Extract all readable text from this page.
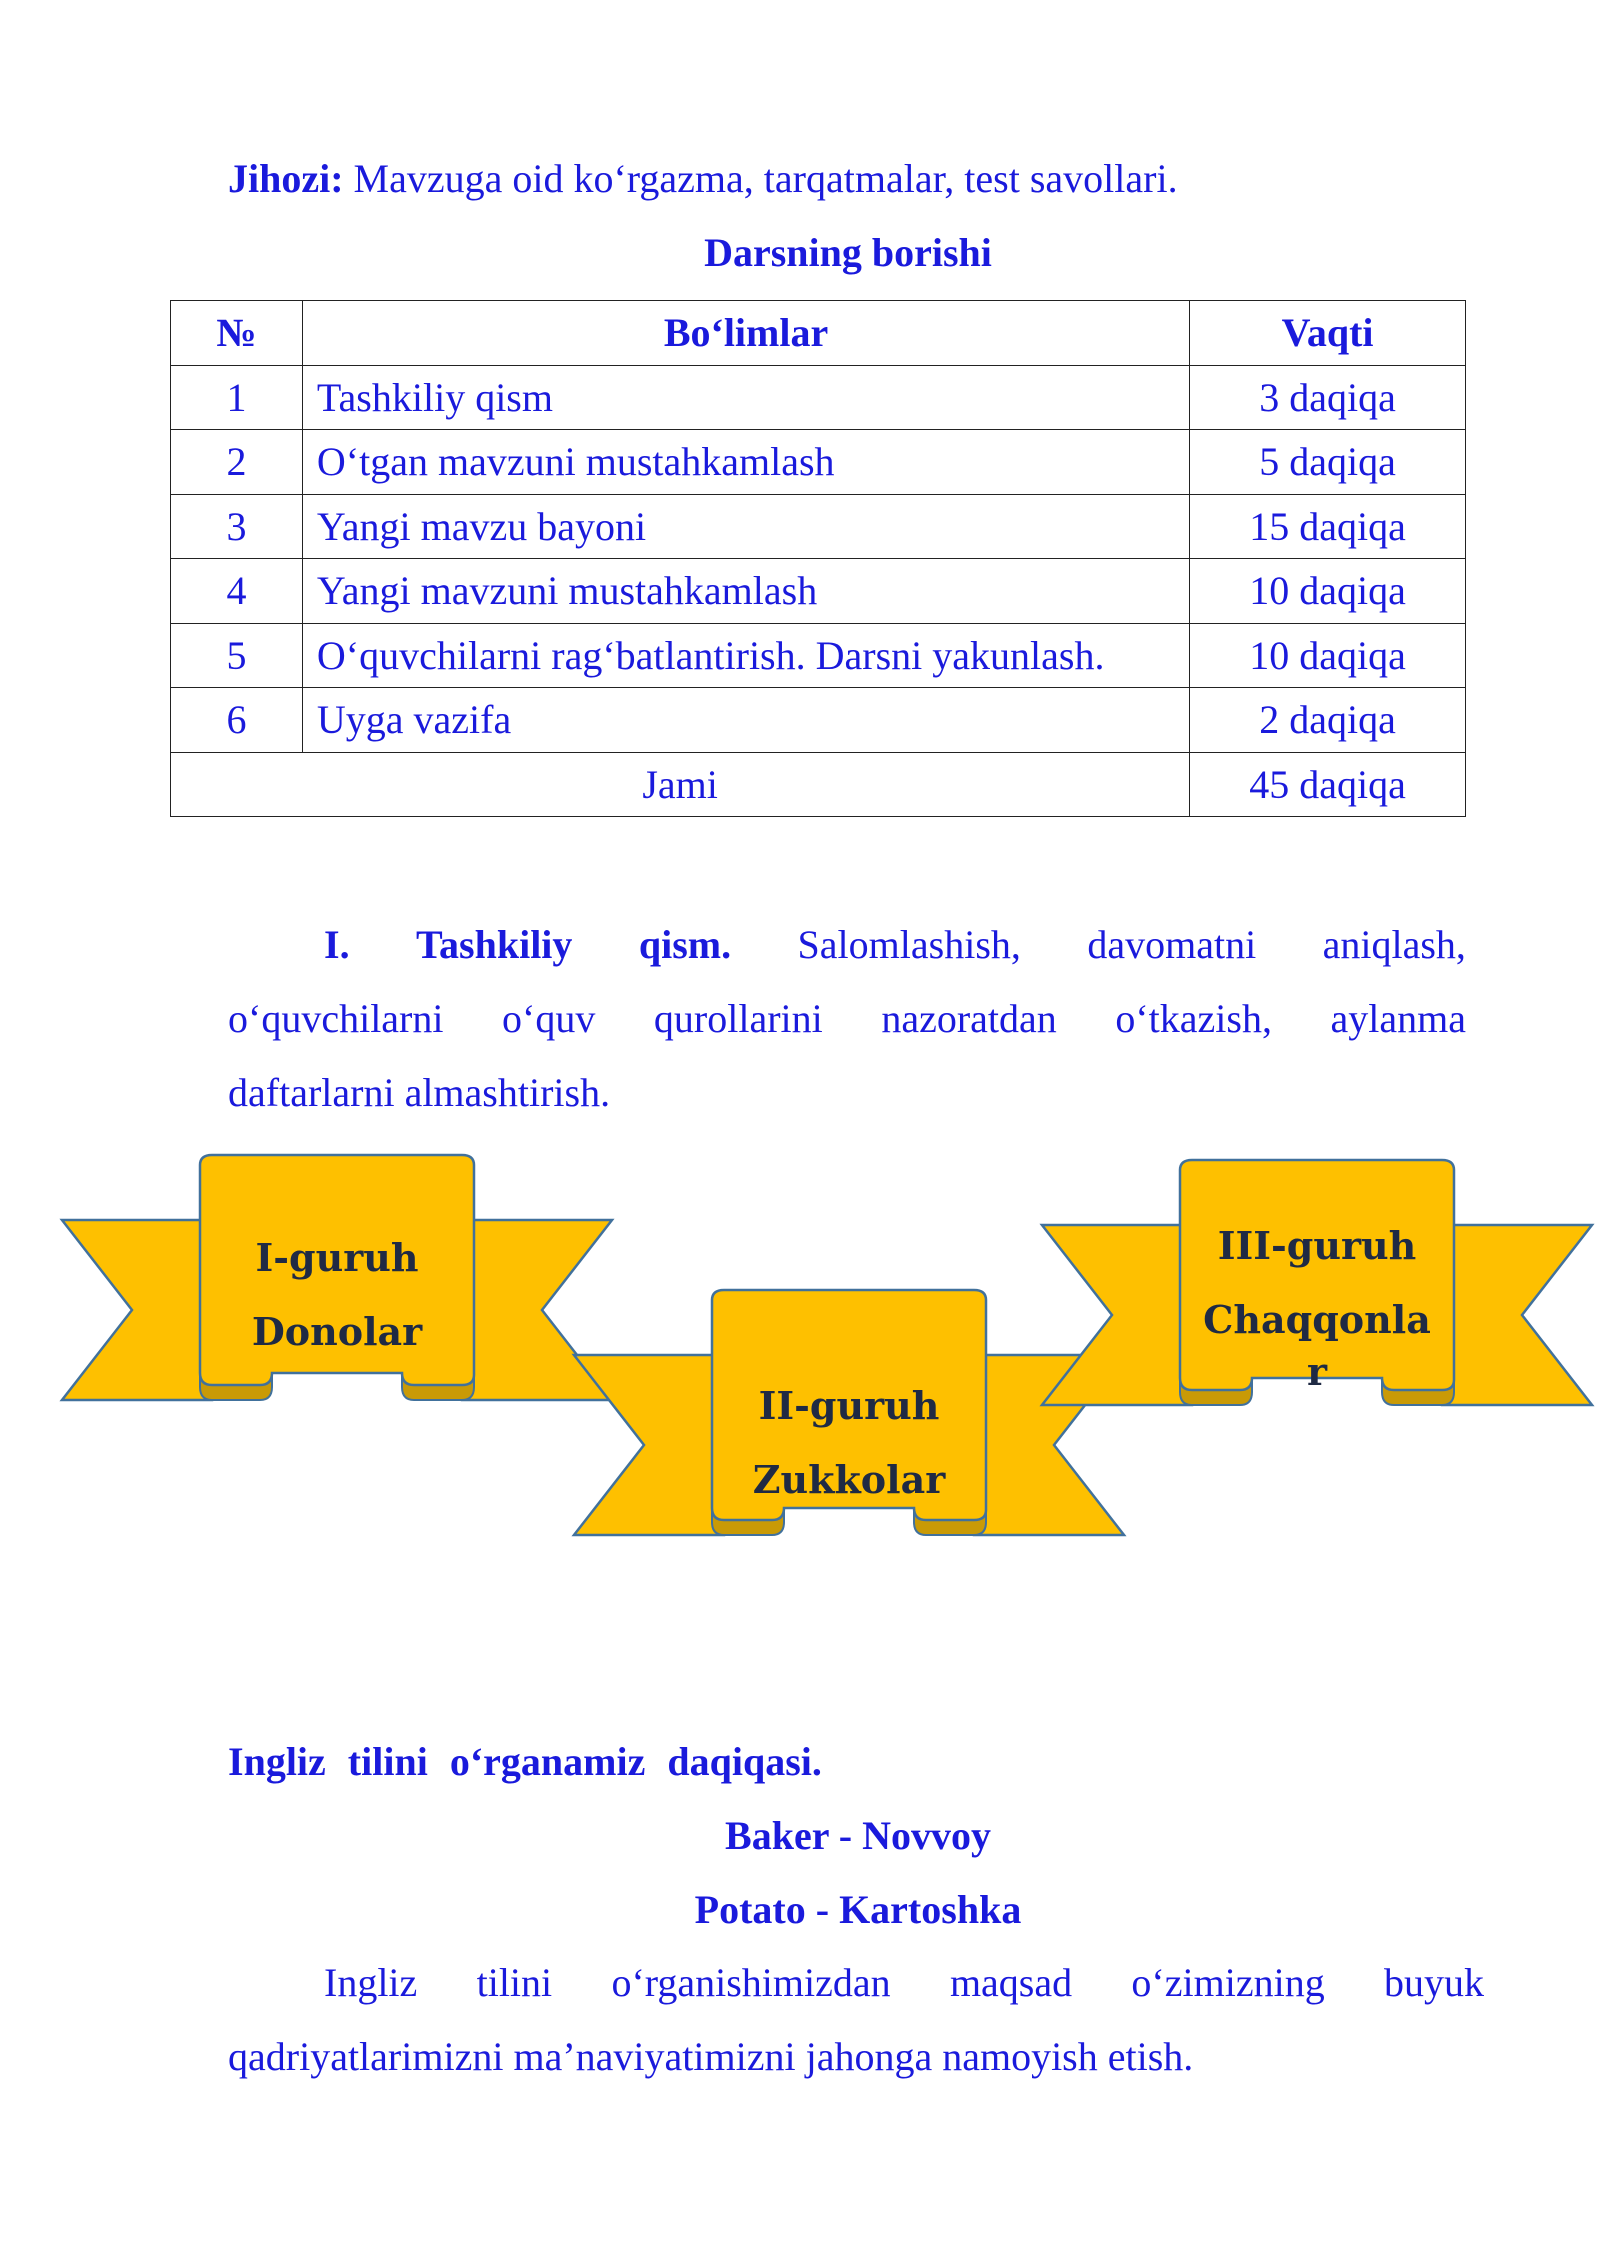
Jihozi: Mavzuga oid ko‘rgazma, tarqatmalar, test savollari.
Darsning borishi
№	Bo‘limlar	Vaqti
1	Tashkiliy qism	3 daqiqa
2	O‘tgan mavzuni mustahkamlash	5 daqiqa
3	Yangi mavzu bayoni	15 daqiqa
4	Yangi mavzuni mustahkamlash	10 daqiqa
5	O‘quvchilarni rag‘batlantirish. Darsni yakunlash.	10 daqiqa
6	Uyga vazifa	2 daqiqa
Jami		45 daqiqa
I. Tashkiliy qism. Salomlashish, davomatni aniqlash,
o‘quvchilarni o‘quv qurollarini nazoratdan o‘tkazish, aylanma
daftarlarni almashtirish.
I-guruh
Donolar
II-guruh
Zukkolar
III-guruh
Chaqqonla
r
Ingliz tilini o‘rganamiz daqiqasi.
Baker - Novvoy
Potato - Kartoshka
Ingliz tilini o‘rganishimizdan maqsad o‘zimizning buyuk
qadriyatlarimizni ma’naviyatimizni jahonga namoyish etish.
